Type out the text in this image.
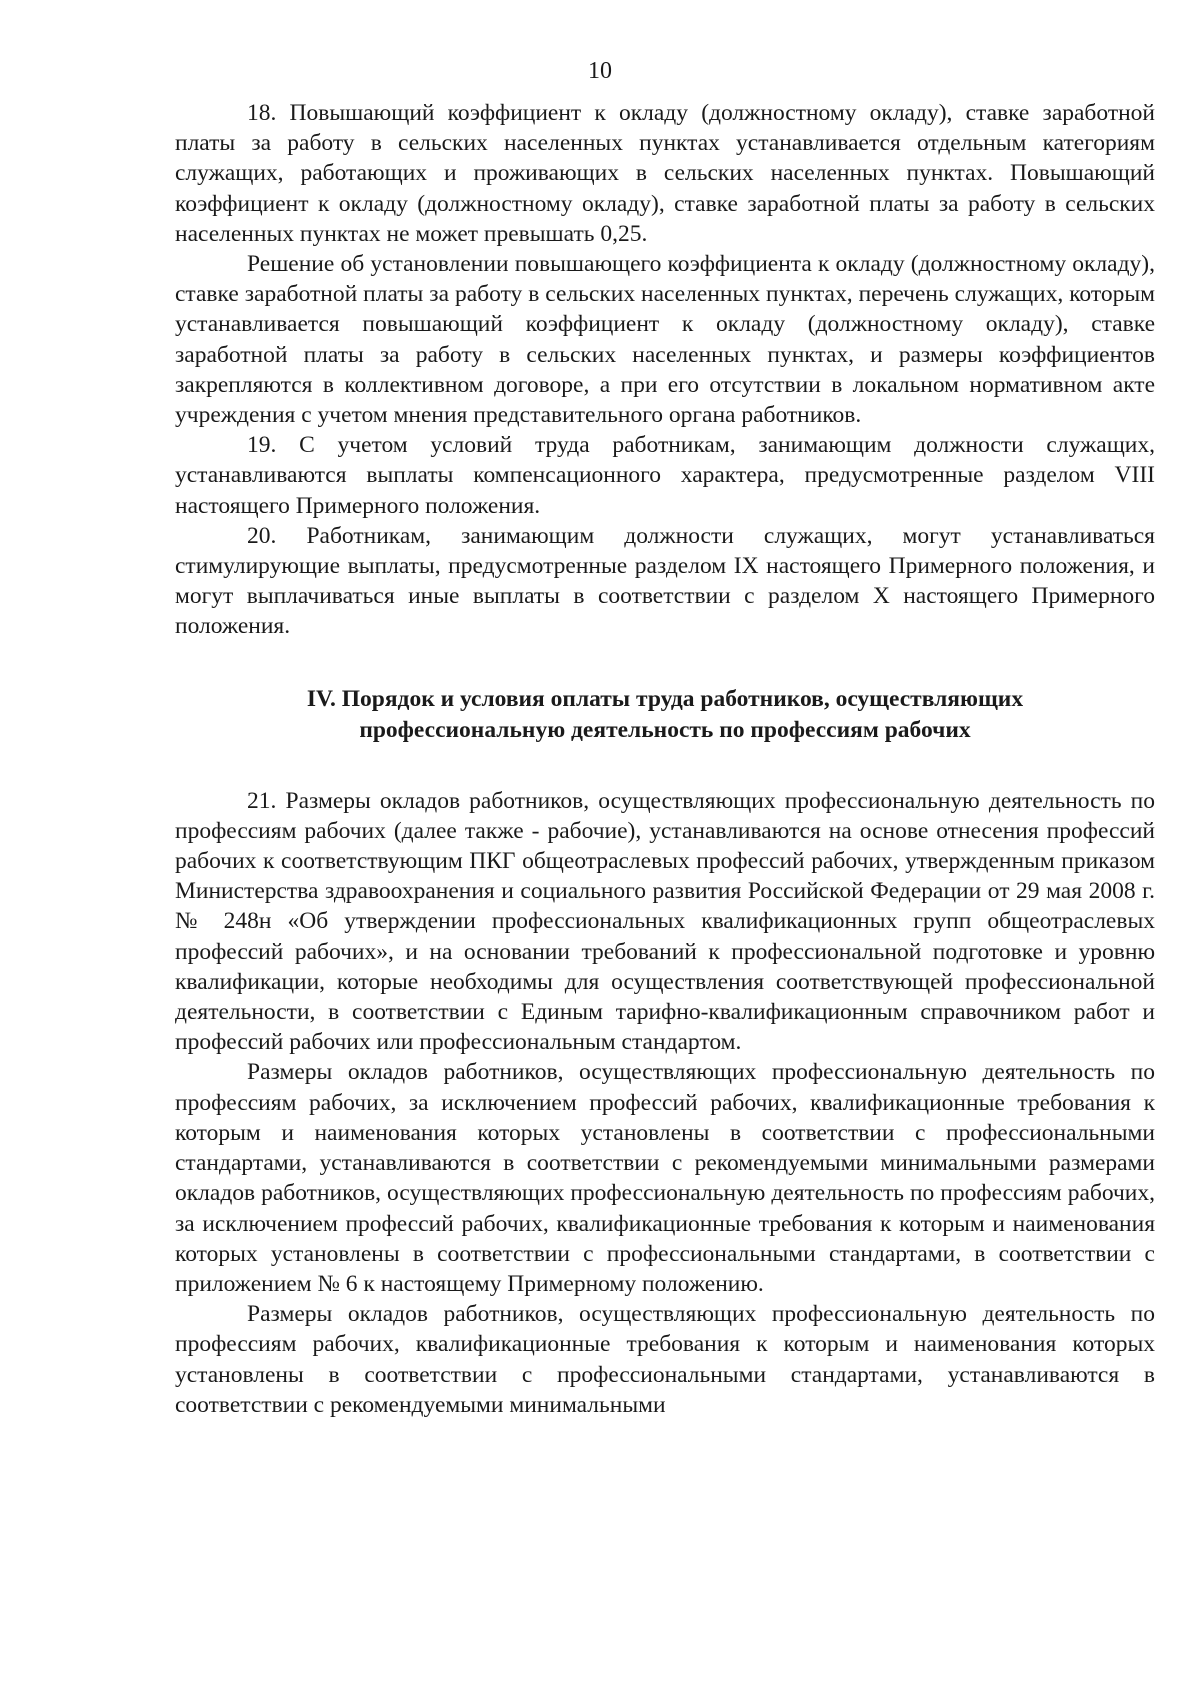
10

18. Повышающий коэффициент к окладу (должностному окладу), ставке заработной платы за работу в сельских населенных пунктах устанавливается отдельным категориям служащих, работающих и проживающих в сельских населенных пунктах. Повышающий коэффициент к окладу (должностному окладу), ставке заработной платы за работу в сельских населенных пунктах не может превышать 0,25.

Решение об установлении повышающего коэффициента к окладу (должностному окладу), ставке заработной платы за работу в сельских населенных пунктах, перечень служащих, которым устанавливается повышающий коэффициент к окладу (должностному окладу), ставке заработной платы за работу в сельских населенных пунктах, и размеры коэффициентов закрепляются в коллективном договоре, а при его отсутствии в локальном нормативном акте учреждения с учетом мнения представительного органа работников.

19. С учетом условий труда работникам, занимающим должности служащих, устанавливаются выплаты компенсационного характера, предусмотренные разделом VIII настоящего Примерного положения.

20. Работникам, занимающим должности служащих, могут устанавливаться стимулирующие выплаты, предусмотренные разделом IX настоящего Примерного положения, и могут выплачиваться иные выплаты в соответствии с разделом X настоящего Примерного положения.

IV. Порядок и условия оплаты труда работников, осуществляющих
профессиональную деятельность по профессиям рабочих

21. Размеры окладов работников, осуществляющих профессиональную деятельность по профессиям рабочих (далее также - рабочие), устанавливаются на основе отнесения профессий рабочих к соответствующим ПКГ общеотраслевых профессий рабочих, утвержденным приказом Министерства здравоохранения и социального развития Российской Федерации от 29 мая 2008 г. № 248н «Об утверждении профессиональных квалификационных групп общеотраслевых профессий рабочих», и на основании требований к профессиональной подготовке и уровню квалификации, которые необходимы для осуществления соответствующей профессиональной деятельности, в соответствии с Единым тарифно-квалификационным справочником работ и профессий рабочих или профессиональным стандартом.

Размеры окладов работников, осуществляющих профессиональную деятельность по профессиям рабочих, за исключением профессий рабочих, квалификационные требования к которым и наименования которых установлены в соответствии с профессиональными стандартами, устанавливаются в соответствии с рекомендуемыми минимальными размерами окладов работников, осуществляющих профессиональную деятельность по профессиям рабочих, за исключением профессий рабочих, квалификационные требования к которым и наименования которых установлены в соответствии с профессиональными стандартами, в соответствии с приложением № 6 к настоящему Примерному положению.

Размеры окладов работников, осуществляющих профессиональную деятельность по профессиям рабочих, квалификационные требования к которым и наименования которых установлены в соответствии с профессиональными стандартами, устанавливаются в соответствии с рекомендуемыми минимальными
